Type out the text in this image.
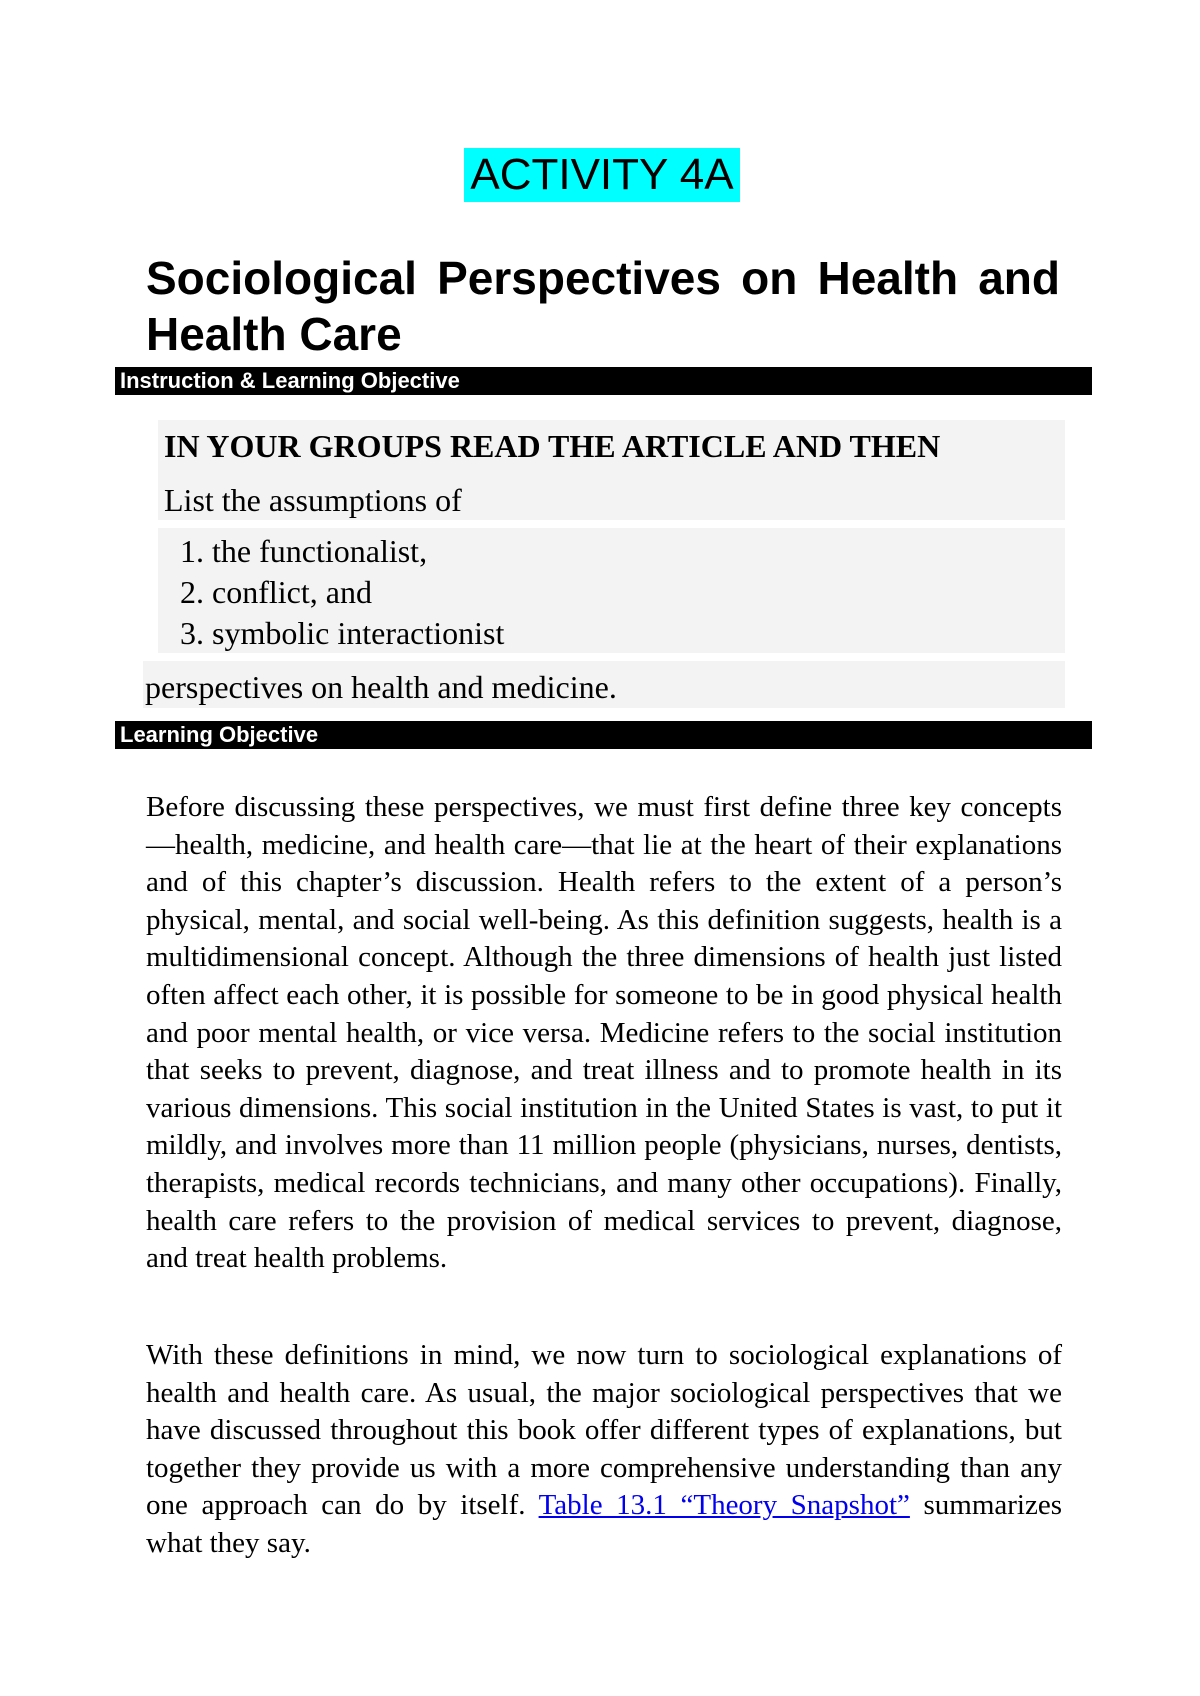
ACTIVITY 4A
Sociological Perspectives on Health and Health Care
Instruction & Learning Objective
IN YOUR GROUPS READ THE ARTICLE AND THEN
List the assumptions of
1. the functionalist,
2. conflict, and
3. symbolic interactionist
perspectives on health and medicine.
Learning Objective

Before discussing these perspectives, we must first define three key concepts—health, medicine, and health care—that lie at the heart of their explanations and of this chapter’s discussion. Health refers to the extent of a person’s physical, mental, and social well-being. As this definition suggests, health is a multidimensional concept. Although the three dimensions of health just listed often affect each other, it is possible for someone to be in good physical health and poor mental health, or vice versa. Medicine refers to the social institution that seeks to prevent, diagnose, and treat illness and to promote health in its various dimensions. This social institution in the United States is vast, to put it mildly, and involves more than 11 million people (physicians, nurses, dentists, therapists, medical records technicians, and many other occupations). Finally, health care refers to the provision of medical services to prevent, diagnose, and treat health problems.

With these definitions in mind, we now turn to sociological explanations of health and health care. As usual, the major sociological perspectives that we have discussed throughout this book offer different types of explanations, but together they provide us with a more comprehensive understanding than any one approach can do by itself. Table 13.1 “Theory Snapshot” summarizes what they say.
